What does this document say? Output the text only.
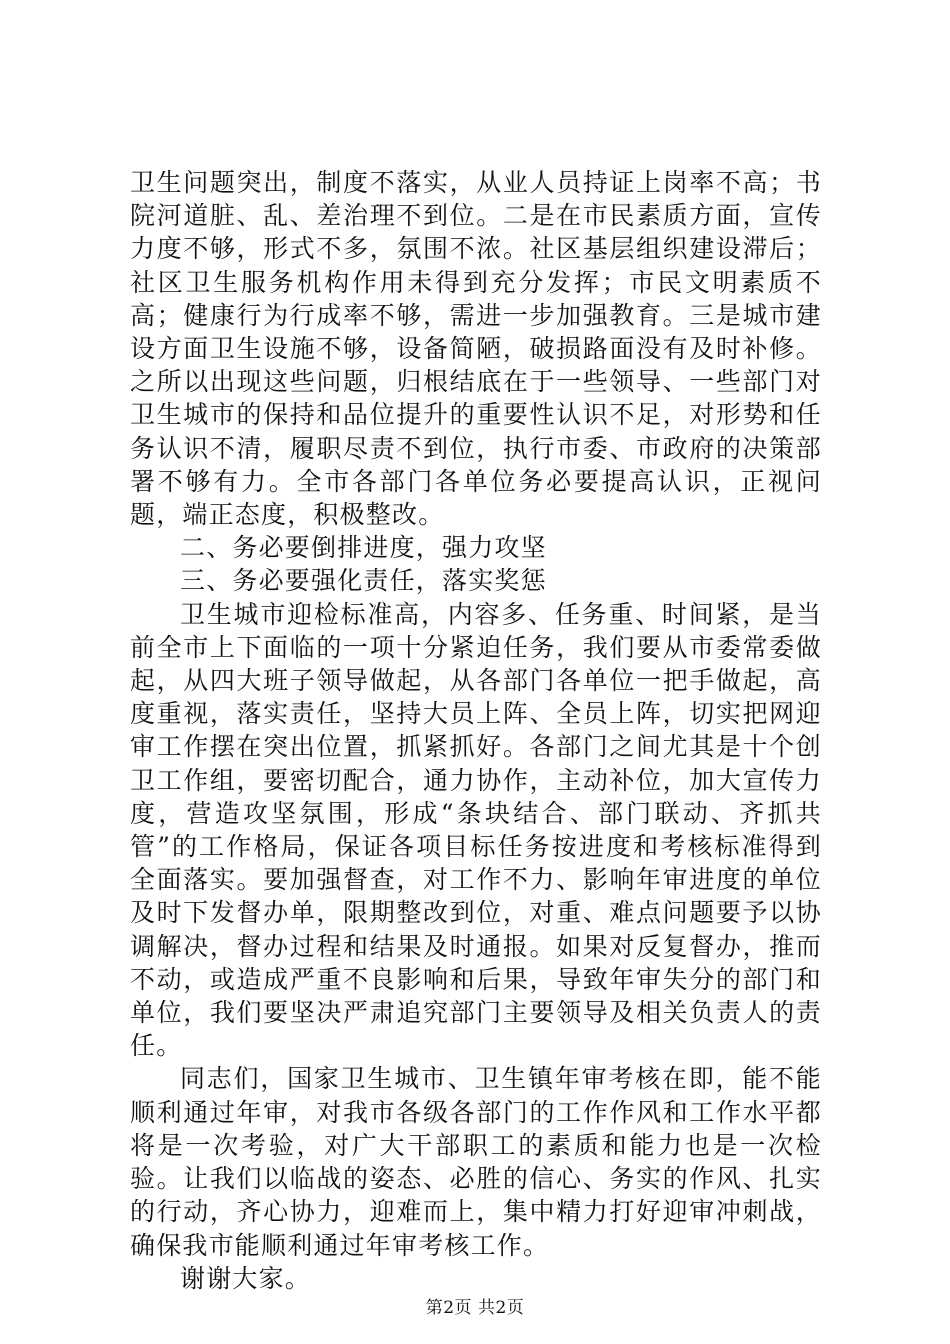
卫生问题突出，制度不落实，从业人员持证上岗率不高；书院河道脏、乱、差治理不到位。二是在市民素质方面，宣传力度不够，形式不多，氛围不浓。社区基层组织建设滞后；社区卫生服务机构作用未得到充分发挥；市民文明素质不高；健康行为行成率不够，需进一步加强教育。三是城市建设方面卫生设施不够，设备简陋，破损路面没有及时补修。之所以出现这些问题，归根结底在于一些领导、一些部门对卫生城市的保持和品位提升的重要性认识不足，对形势和任务认识不清，履职尽责不到位，执行市委、市政府的决策部署不够有力。全市各部门各单位务必要提高认识，正视问题，端正态度，积极整改。

二、务必要倒排进度，强力攻坚

三、务必要强化责任，落实奖惩

卫生城市迎检标准高，内容多、任务重、时间紧，是当前全市上下面临的一项十分紧迫任务，我们要从市委常委做起，从四大班子领导做起，从各部门各单位一把手做起，高度重视，落实责任，坚持大员上阵、全员上阵，切实把网迎审工作摆在突出位置，抓紧抓好。各部门之间尤其是十个创卫工作组，要密切配合，通力协作，主动补位，加大宣传力度，营造攻坚氛围，形成“条块结合、部门联动、齐抓共管”的工作格局，保证各项目标任务按进度和考核标准得到全面落实。要加强督查，对工作不力、影响年审进度的单位及时下发督办单，限期整改到位，对重、难点问题要予以协调解决，督办过程和结果及时通报。如果对反复督办，推而不动，或造成严重不良影响和后果，导致年审失分的部门和单位，我们要坚决严肃追究部门主要领导及相关负责人的责任。

同志们，国家卫生城市、卫生镇年审考核在即，能不能顺利通过年审，对我市各级各部门的工作作风和工作水平都将是一次考验，对广大干部职工的素质和能力也是一次检验。让我们以临战的姿态、必胜的信心、务实的作风、扎实的行动，齐心协力，迎难而上，集中精力打好迎审冲刺战，确保我市能顺利通过年审考核工作。

谢谢大家。

第2页 共2页
